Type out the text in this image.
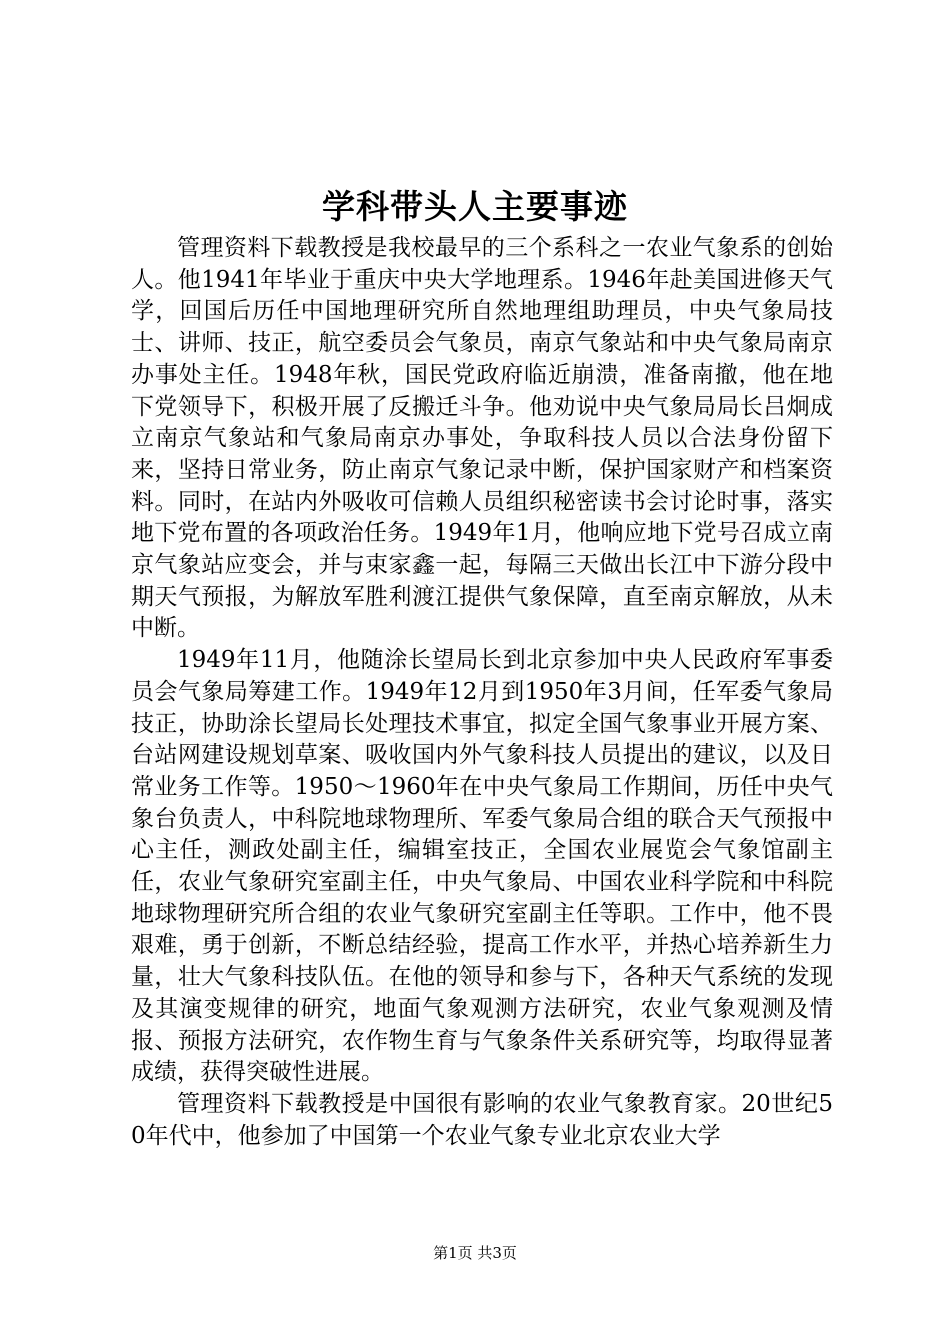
学科带头人主要事迹

管理资料下载教授是我校最早的三个系科之一农业气象系的创始人。他1941年毕业于重庆中央大学地理系。1946年赴美国进修天气学，回国后历任中国地理研究所自然地理组助理员，中央气象局技士、讲师、技正，航空委员会气象员，南京气象站和中央气象局南京办事处主任。1948年秋，国民党政府临近崩溃，准备南撤，他在地下党领导下，积极开展了反搬迁斗争。他劝说中央气象局局长吕炯成立南京气象站和气象局南京办事处，争取科技人员以合法身份留下来，坚持日常业务，防止南京气象记录中断，保护国家财产和档案资料。同时，在站内外吸收可信赖人员组织秘密读书会讨论时事，落实地下党布置的各项政治任务。1949年1月，他响应地下党号召成立南京气象站应变会，并与束家鑫一起，每隔三天做出长江中下游分段中期天气预报，为解放军胜利渡江提供气象保障，直至南京解放，从未中断。

1949年11月，他随涂长望局长到北京参加中央人民政府军事委员会气象局筹建工作。1949年12月到1950年3月间，任军委气象局技正，协助涂长望局长处理技术事宜，拟定全国气象事业开展方案、台站网建设规划草案、吸收国内外气象科技人员提出的建议，以及日常业务工作等。1950～1960年在中央气象局工作期间，历任中央气象台负责人，中科院地球物理所、军委气象局合组的联合天气预报中心主任，测政处副主任，编辑室技正，全国农业展览会气象馆副主任，农业气象研究室副主任，中央气象局、中国农业科学院和中科院地球物理研究所合组的农业气象研究室副主任等职。工作中，他不畏艰难，勇于创新，不断总结经验，提高工作水平，并热心培养新生力量，壮大气象科技队伍。在他的领导和参与下，各种天气系统的发现及其演变规律的研究，地面气象观测方法研究，农业气象观测及情报、预报方法研究，农作物生育与气象条件关系研究等，均取得显著成绩，获得突破性进展。

管理资料下载教授是中国很有影响的农业气象教育家。20世纪50年代中，他参加了中国第一个农业气象专业北京农业大学

第1页 共3页
